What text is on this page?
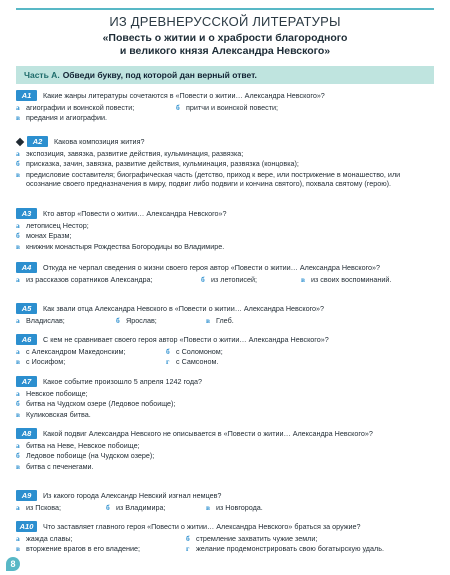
ИЗ ДРЕВНЕРУССКОЙ ЛИТЕРАТУРЫ
«Повесть о житии и о храбрости благородного
и великого князя Александра Невского»
Часть А. Обведи букву, под которой дан верный ответ.
A1	Какие жанры литературы сочетаются в «Повести о житии… Александра Невского»?
а агиографии и воинской повести;	б притчи и воинской повести;
в предания и агиографии.
A2	Какова композиция жития?
а экспозиция, завязка, развитие действия, кульминация, развязка;
б присказка, зачин, завязка, развитие действия, кульминация, развязка (концовка);
в предисловие составителя; биографическая часть (детство, приход к вере, или пострижение в монашество, или осознание своего предназначения в миру, подвиг либо подвиги и кончина святого), похвала святому (герою).
A3	Кто автор «Повести о житии… Александра Невского»?
а летописец Нестор;
б монах Еразм;
в книжник монастыря Рождества Богородицы во Владимире.
A4	Откуда не черпал сведения о жизни своего героя автор «Повести о житии… Александра Невского»?
а из рассказов соратников Александра;	б из летописей;	в из своих воспоминаний.
A5	Как звали отца Александра Невского в «Повести о житии… Александра Невского»?
а Владислав;	б Ярослав;	в Глеб.
A6	С кем не сравнивает своего героя автор «Повести о житии… Александра Невского»?
а с Александром Македонским;	б с Соломоном;
в с Иосифом;	г с Самсоном.
A7	Какое событие произошло 5 апреля 1242 года?
а Невское побоище;
б битва на Чудском озере (Ледовое побоище);
в Куликовская битва.
A8	Какой подвиг Александра Невского не описывается в «Повести о житии… Александра Невского»?
а битва на Неве, Невское побоище;
б Ледовое побоище (на Чудском озере);
в битва с печенегами.
A9	Из какого города Александр Невский изгнал немцев?
а из Пскова;	б из Владимира;	в из Новгорода.
A10	Что заставляет главного героя «Повести о житии… Александра Невского» браться за оружие?
а жажда славы;	б стремление захватить чужие земли;
в вторжение врагов в его владение;	г желание продемонстрировать свою богатырскую удаль.
8
